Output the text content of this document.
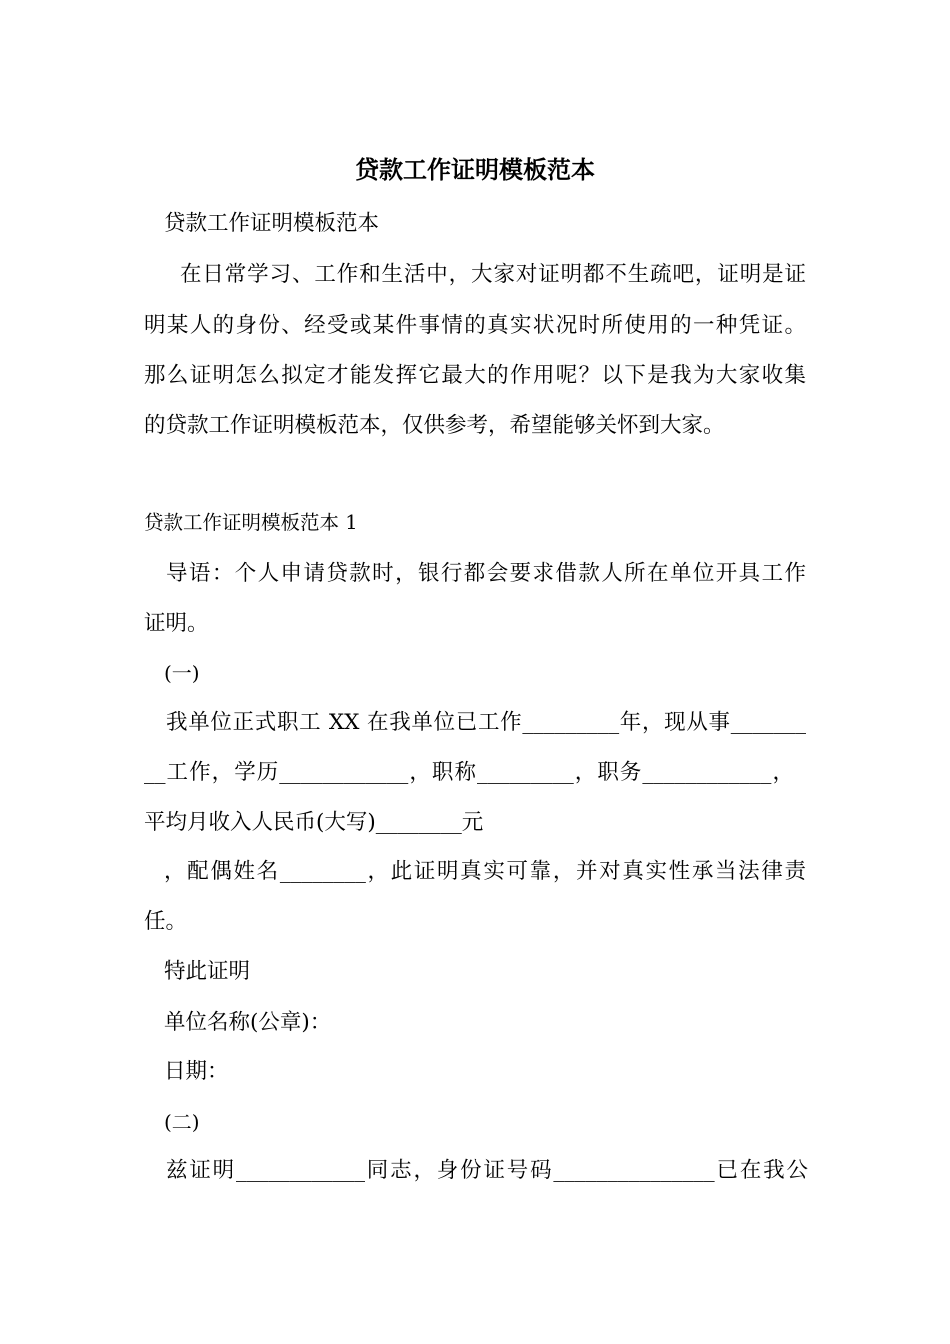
贷款工作证明模板范本
贷款工作证明模板范本
在日常学习、工作和生活中，大家对证明都不生疏吧，证明是证
明某人的身份、经受或某件事情的真实状况时所使用的一种凭证。
那么证明怎么拟定才能发挥它最大的作用呢？以下是我为大家收集
的贷款工作证明模板范本，仅供参考，希望能够关怀到大家。
贷款工作证明模板范本 1
导语：个人申请贷款时，银行都会要求借款人所在单位开具工作
证明。
(一)
我单位正式职工 XX 在我单位已工作_________年，现从事_______
__工作，学历____________，职称_________，职务____________，
平均月收入人民币(大写)________元
，配偶姓名________，此证明真实可靠，并对真实性承当法律责
任。
特此证明
单位名称(公章)：
日期：
(二)
兹证明____________同志，身份证号码_______________已在我公
